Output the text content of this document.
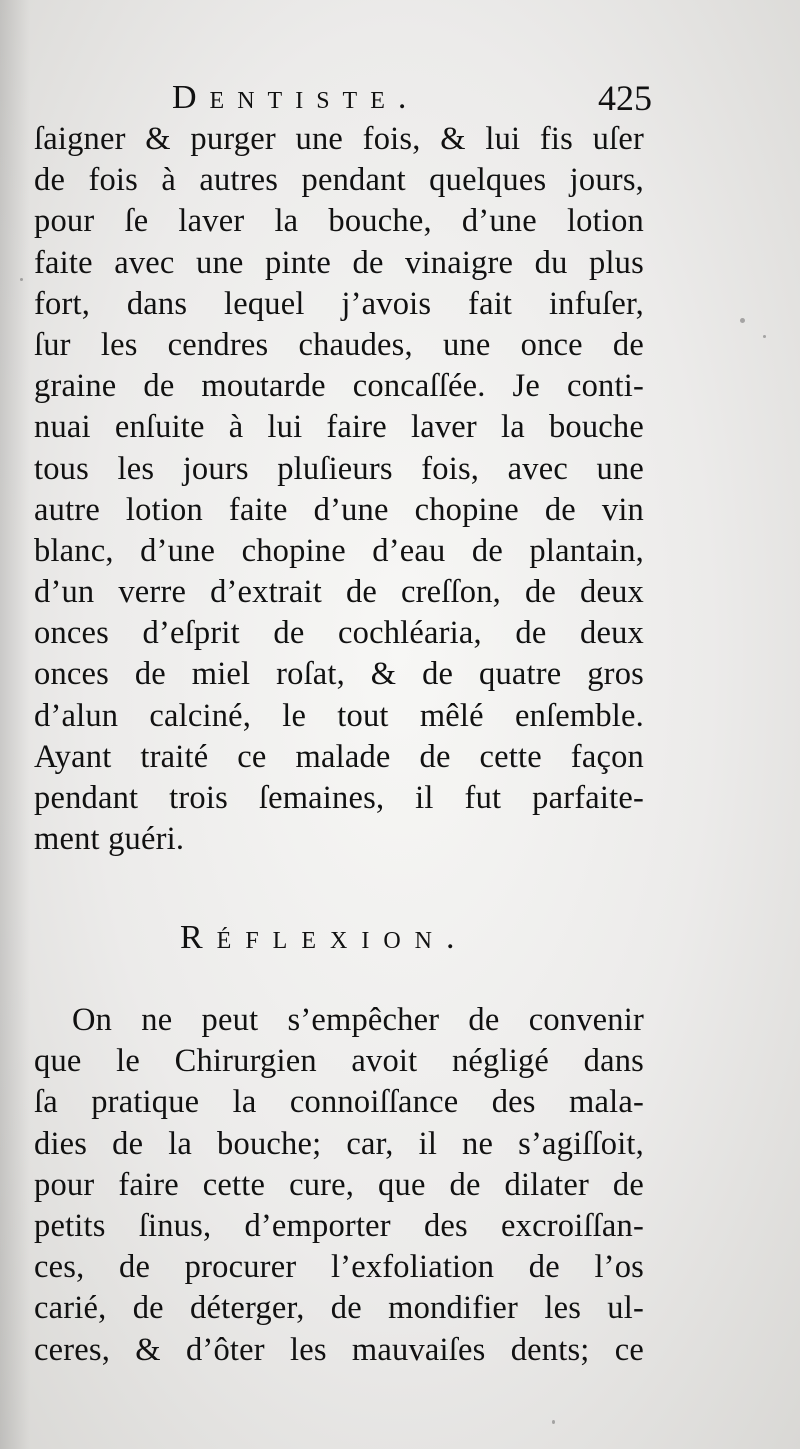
Dentiste.	425
ſaigner & purger une fois, & lui fis uſer
de fois à autres pendant quelques jours,
pour ſe laver la bouche, d’une lotion
faite avec une pinte de vinaigre du plus
fort, dans lequel j’avois fait infuſer,
ſur les cendres chaudes, une once de
graine de moutarde concaſſée. Je conti-
nuai enſuite à lui faire laver la bouche
tous les jours pluſieurs fois, avec une
autre lotion faite d’une chopine de vin
blanc, d’une chopine d’eau de plantain,
d’un verre d’extrait de creſſon, de deux
onces d’eſprit de cochléaria, de deux
onces de miel roſat, & de quatre gros
d’alun calciné, le tout mêlé enſemble.
Ayant traité ce malade de cette façon
pendant trois ſemaines, il fut parfaite-
ment guéri.
Réflexion.
On ne peut s’empêcher de convenir
que le Chirurgien avoit négligé dans
ſa pratique la connoiſſance des mala-
dies de la bouche; car, il ne s’agiſſoit,
pour faire cette cure, que de dilater de
petits ſinus, d’emporter des excroiſſan-
ces, de procurer l’exfoliation de l’os
carié, de déterger, de mondifier les ul-
ceres, & d’ôter les mauvaiſes dents; ce
